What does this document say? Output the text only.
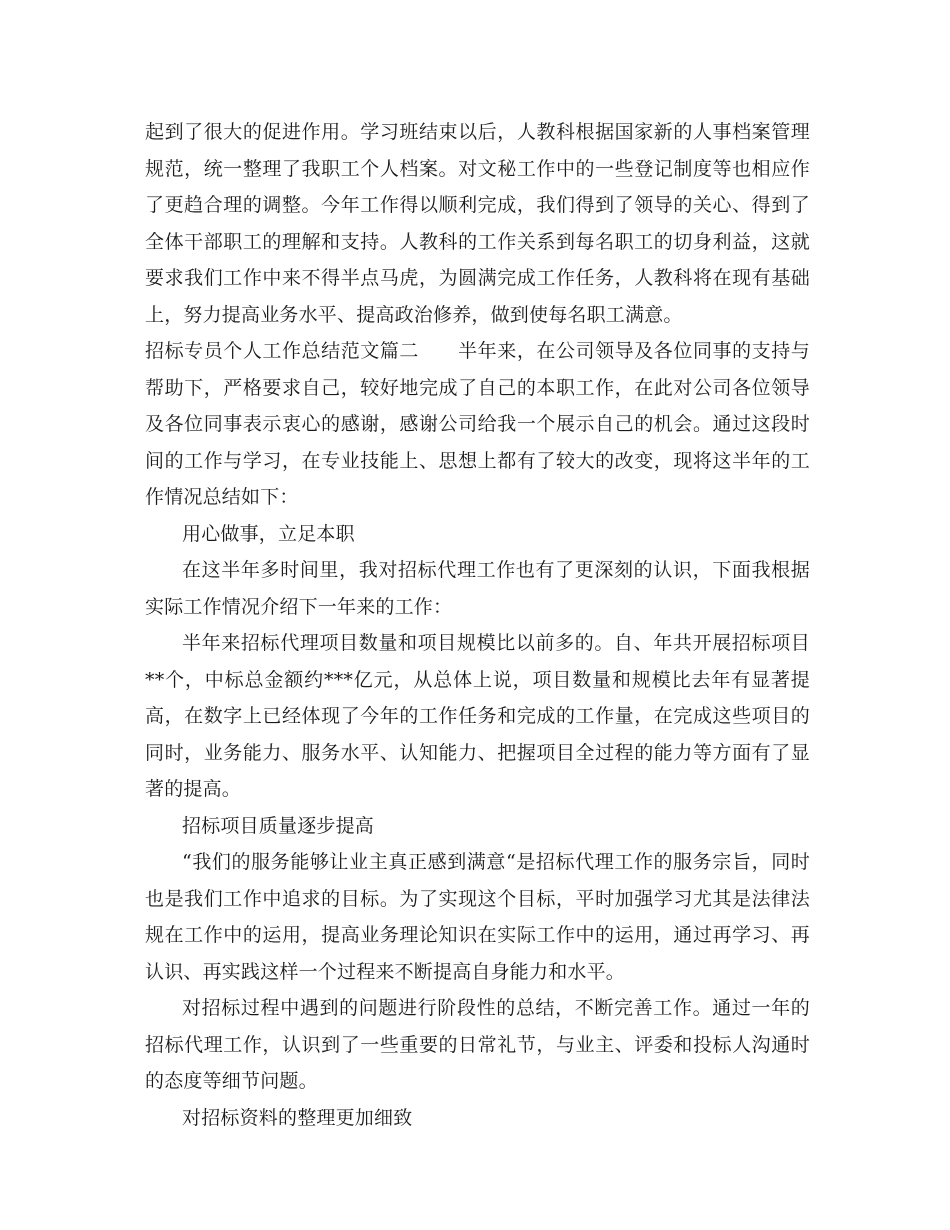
起到了很大的促进作用。学习班结束以后，人教科根据国家新的人事档案管理规范，统一整理了我职工个人档案。对文秘工作中的一些登记制度等也相应作了更趋合理的调整。今年工作得以顺利完成，我们得到了领导的关心、得到了全体干部职工的理解和支持。人教科的工作关系到每名职工的切身利益，这就要求我们工作中来不得半点马虎，为圆满完成工作任务，人教科将在现有基础上，努力提高业务水平、提高政治修养，做到使每名职工满意。

招标专员个人工作总结范文篇二　　半年来，在公司领导及各位同事的支持与帮助下，严格要求自己，较好地完成了自己的本职工作，在此对公司各位领导及各位同事表示衷心的感谢，感谢公司给我一个展示自己的机会。通过这段时间的工作与学习，在专业技能上、思想上都有了较大的改变，现将这半年的工作情况总结如下：

用心做事，立足本职

在这半年多时间里，我对招标代理工作也有了更深刻的认识，下面我根据实际工作情况介绍下一年来的工作：

半年来招标代理项目数量和项目规模比以前多的。自、年共开展招标项目**个，中标总金额约***亿元，从总体上说，项目数量和规模比去年有显著提高，在数字上已经体现了今年的工作任务和完成的工作量，在完成这些项目的同时，业务能力、服务水平、认知能力、把握项目全过程的能力等方面有了显著的提高。

招标项目质量逐步提高

“我们的服务能够让业主真正感到满意“是招标代理工作的服务宗旨，同时也是我们工作中追求的目标。为了实现这个目标，平时加强学习尤其是法律法规在工作中的运用，提高业务理论知识在实际工作中的运用，通过再学习、再认识、再实践这样一个过程来不断提高自身能力和水平。

对招标过程中遇到的问题进行阶段性的总结，不断完善工作。通过一年的招标代理工作，认识到了一些重要的日常礼节，与业主、评委和投标人沟通时的态度等细节问题。

对招标资料的整理更加细致
